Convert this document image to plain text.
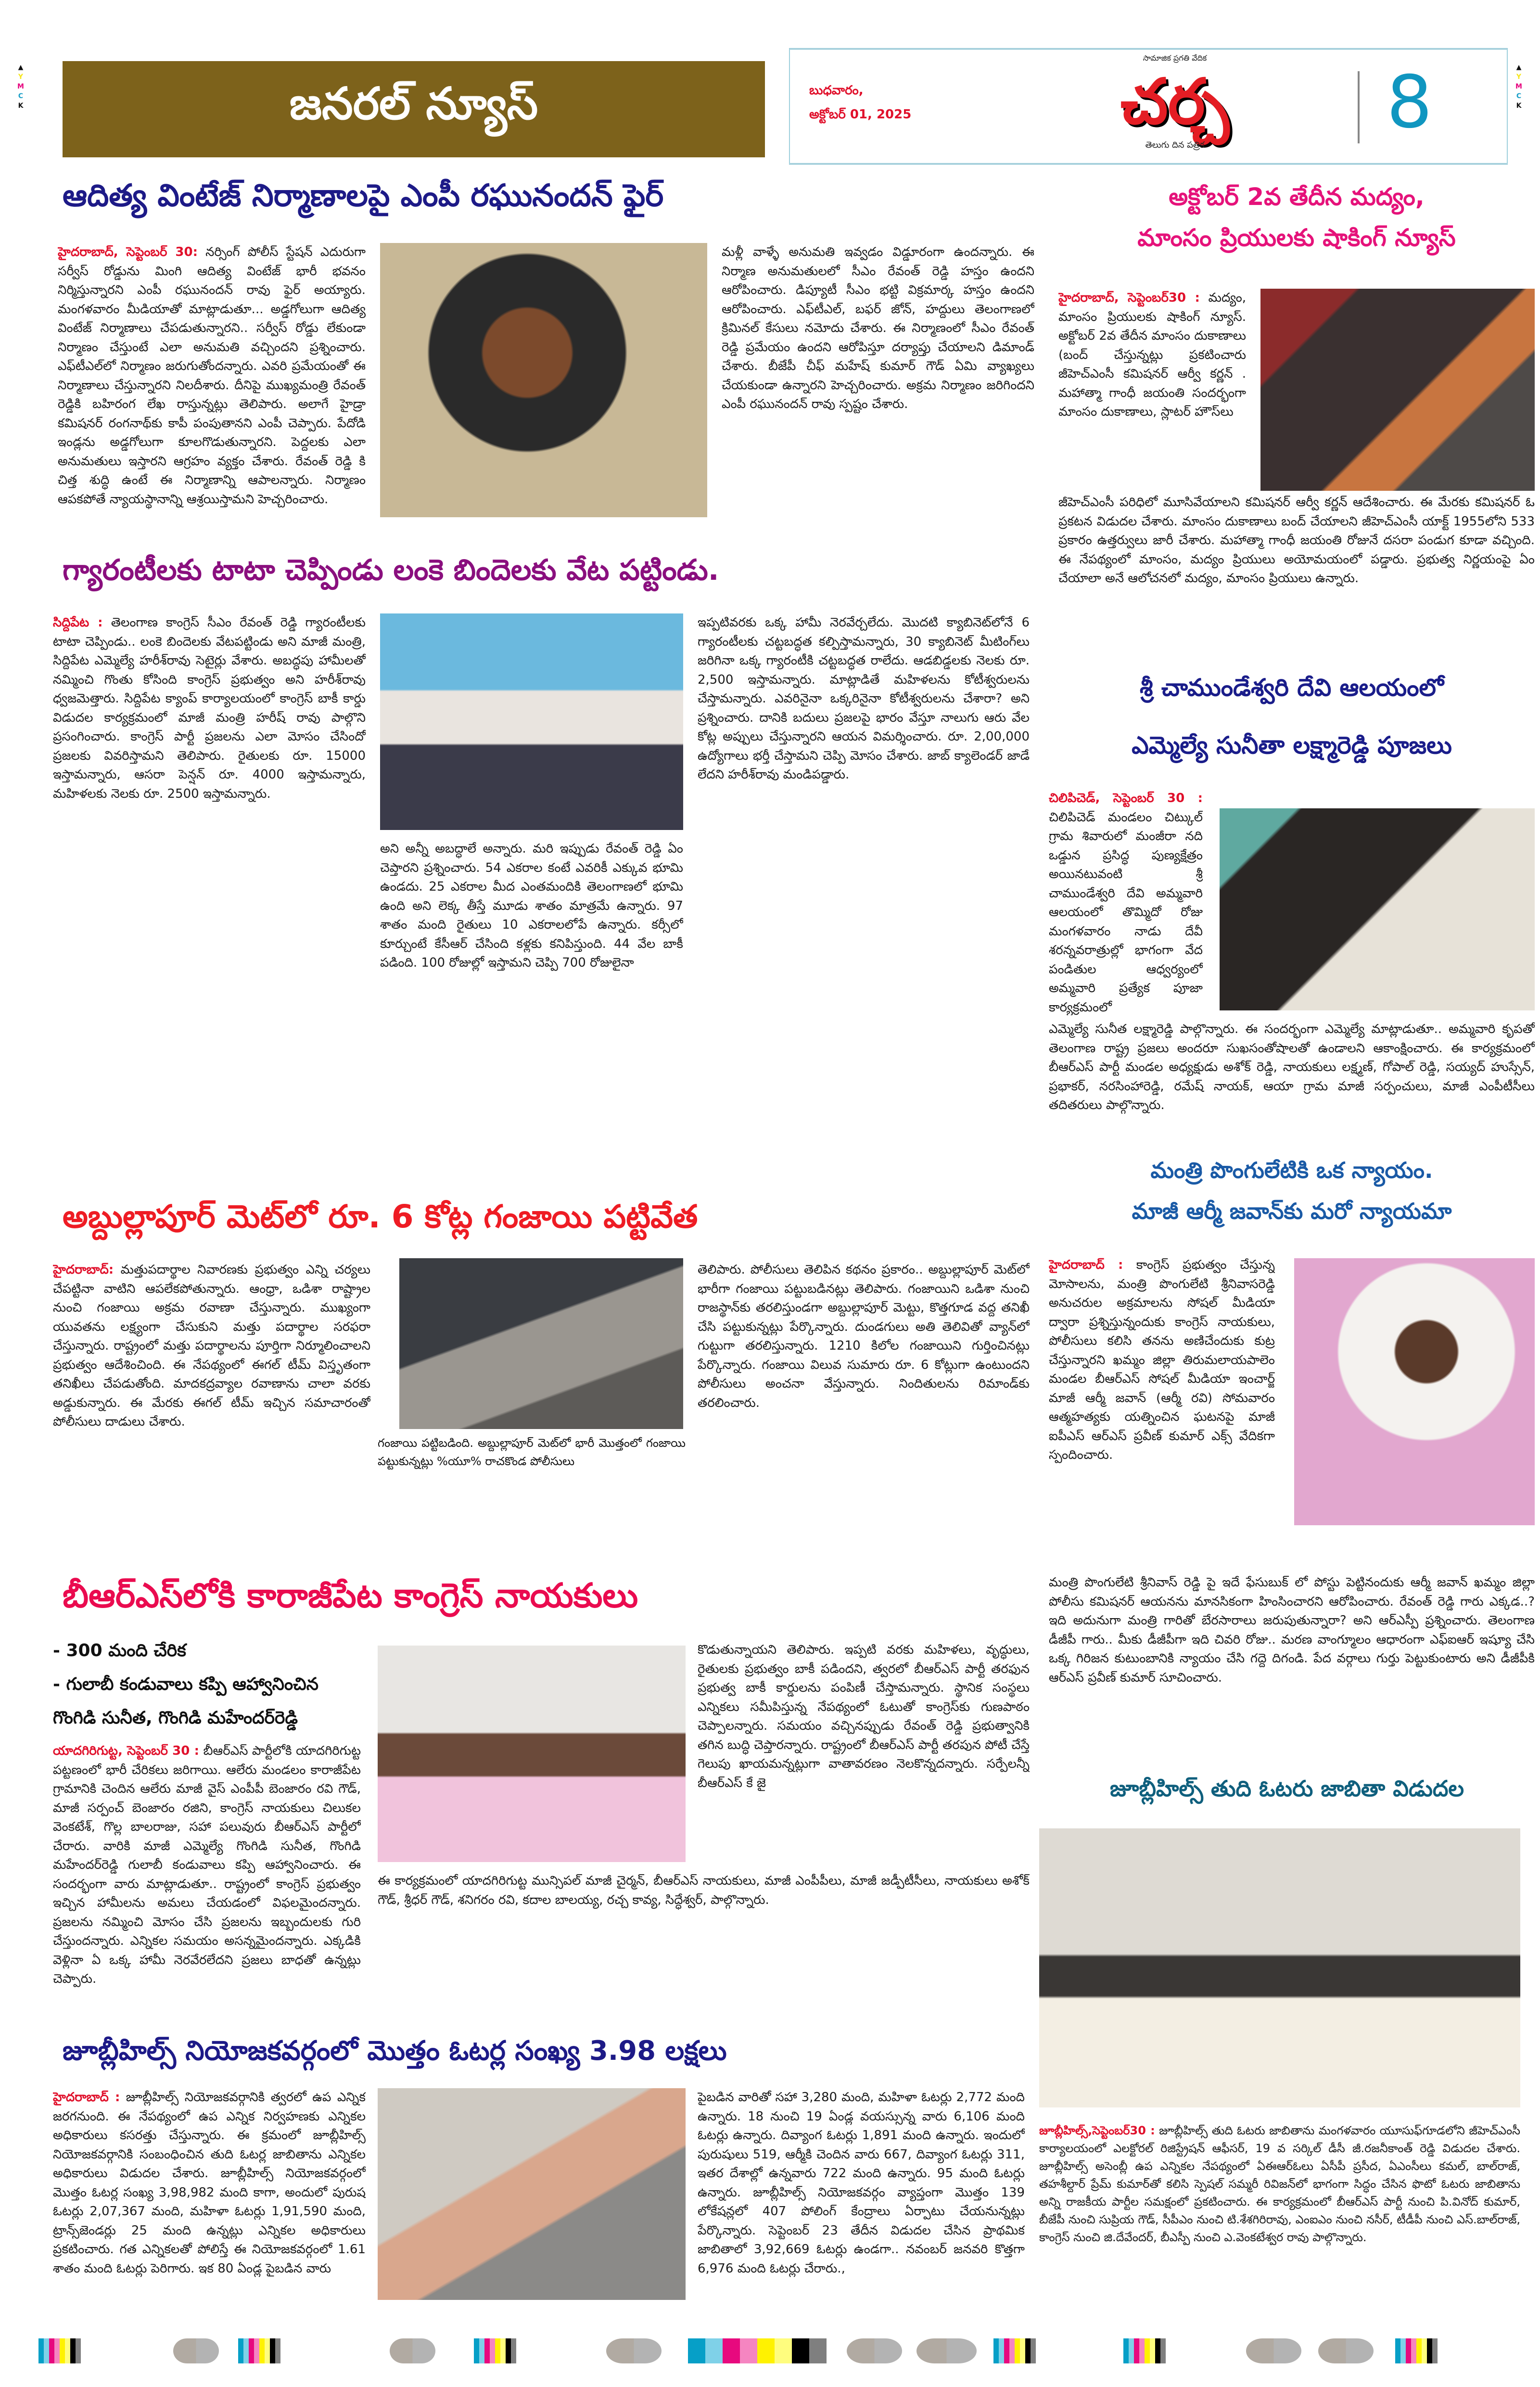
▲
Y
M
C
K
▲
Y
M
C
K
జనరల్ న్యూస్	బుధవారం,
అక్టోబర్ 01, 2025
సామాజిక ప్రగతి వేదిక
చర్చ
తెలుగు దిన పత్రిక
8
ఆదిత్య వింటేజ్ నిర్మాణాలపై ఎంపీ రఘునందన్ ఫైర్
హైదరాబాద్, సెప్టెంబర్ 30: నర్సింగ్ పోలీస్ స్టేషన్ ఎదురుగా సర్వీస్ రోడ్డును మింగి ఆదిత్య వింటేజ్ భారీ భవనం నిర్మిస్తున్నారని ఎంపీ రఘునందన్ రావు ఫైర్ అయ్యారు. మంగళవారం మీడియాతో మాట్లాడుతూ... అడ్డగోలుగా ఆదిత్య వింటేజ్ నిర్మాణాలు చేపడుతున్నారని.. సర్వీస్ రోడ్డు లేకుండా నిర్మాణం చేస్తుంటే ఎలా అనుమతి వచ్చిందని ప్రశ్నించారు. ఎఫ్‌టీఎల్‌లో నిర్మాణం జరుగుతోందన్నారు. ఎవరి ప్రమేయంతో ఈ నిర్మాణాలు చేస్తున్నారని నిలదీశారు. దీనిపై ముఖ్యమంత్రి రేవంత్ రెడ్డికి బహిరంగ లేఖ రాస్తున్నట్లు తెలిపారు. అలాగే హైడ్రా కమిషనర్ రంగనాథ్‌కు కాపీ పంపుతానని ఎంపీ చెప్పారు. పేదోడి ఇండ్లను అడ్డగోలుగా కూలగొడుతున్నారని. పెద్దలకు ఎలా అనుమతులు ఇస్తారని ఆగ్రహం వ్యక్తం చేశారు. రేవంత్ రెడ్డి కి చిత్త శుద్ధి ఉంటే ఈ నిర్మాణాన్ని ఆపాలన్నారు. నిర్మాణం ఆపకపోతే న్యాయస్థానాన్ని ఆశ్రయిస్తామని హెచ్చరించారు.
మళ్లీ వాళ్ళే అనుమతి ఇవ్వడం విడ్డూరంగా ఉందన్నారు. ఈ నిర్మాణ అనుమతులలో సీఎం రేవంత్ రెడ్డి హస్తం ఉందని ఆరోపించారు. డిప్యూటీ సీఎం భట్టి విక్రమార్క హస్తం ఉందని ఆరోపించారు. ఎఫ్‌టీఎల్‌, బఫర్ జోన్, హద్దులు తెలంగాణలో క్రిమినల్ కేసులు నమోదు చేశారు. ఈ నిర్మాణంలో సీఎం రేవంత్ రెడ్డి ప్రమేయం ఉందని ఆరోపిస్తూ దర్యాప్తు చేయాలని డిమాండ్ చేశారు. బీజేపీ చీఫ్ మహేష్ కుమార్ గౌడ్ ఏమి వ్యాఖ్యలు చేయకుండా ఉన్నారని హెచ్చరించారు. అక్రమ నిర్మాణం జరిగిందని ఎంపీ రఘునందన్ రావు స్పష్టం చేశారు.
అక్టోబర్ 2వ తేదీన మద్యం,
మాంసం ప్రియులకు షాకింగ్ న్యూస్
హైదరాబాద్, సెప్టెంబర్30 : మద్యం, మాంసం ప్రియులకు షాకింగ్ న్యూస్. అక్టోబర్ 2వ తేదీన మాంసం దుకాణాలు (బంద్ చేస్తున్నట్లు ప్రకటించారు జీహెచ్‌ఎంసీ కమిషనర్ ఆర్వీ కర్ణన్ . మహాత్మా గాంధీ జయంతి సందర్భంగా మాంసం దుకాణాలు, స్లాటర్ హౌస్‌లు
జీహెచ్‌ఎంసీ పరిధిలో మూసివేయాలని కమిషనర్ ఆర్వీ కర్ణన్ ఆదేశించారు. ఈ మేరకు కమిషనర్ ఓ ప్రకటన విడుదల చేశారు. మాంసం దుకాణాలు బంద్ చేయాలని జీహెచ్‌ఎంసీ యాక్ట్ 1955లోని 533 ప్రకారం ఉత్తర్వులు జారీ చేశారు. మహాత్మా గాంధీ జయంతి రోజునే దసరా పండుగ కూడా వచ్చింది. ఈ నేపథ్యంలో మాంసం, మద్యం ప్రియులు అయోమయంలో పడ్డారు. ప్రభుత్వ నిర్ణయంపై ఏం చేయాలా అనే ఆలోచనలో మద్యం, మాంసం ప్రియులు ఉన్నారు.
గ్యారంటీలకు టాటా చెప్పిండు లంకె బిందెలకు వేట పట్టిండు.
సిద్దిపేట : తెలంగాణ కాంగ్రెస్ సీఎం రేవంత్ రెడ్డి గ్యారంటీలకు టాటా చెప్పిండు.. లంకె బిందెలకు వేటపట్టిండు అని మాజీ మంత్రి, సిద్దిపేట ఎమ్మెల్యే హరీశ్‌రావు సెటైర్లు వేశారు. అబద్ధపు హామీలతో నమ్మించి గొంతు కోసింది కాంగ్రెస్ ప్రభుత్వం అని హరీశ్‌రావు ధ్వజమెత్తారు. సిద్దిపేట క్యాంప్ కార్యాలయంలో కాంగ్రెస్ బాకీ కార్డు విడుదల కార్యక్రమంలో మాజీ మంత్రి హరీష్ రావు పాల్గొని ప్రసంగించారు. కాంగ్రెస్ పార్టీ ప్రజలను ఎలా మోసం చేసిందో ప్రజలకు వివరిస్తామని తెలిపారు. రైతులకు రూ. 15000 ఇస్తామన్నారు, ఆసరా పెన్షన్ రూ. 4000 ఇస్తామన్నారు, మహిళలకు నెలకు రూ. 2500 ఇస్తామన్నారు.
అని అన్నీ అబద్ధాలే అన్నారు. మరి ఇప్పుడు రేవంత్ రెడ్డి ఏం చెప్తారని ప్రశ్నించారు. 54 ఎకరాల కంటే ఎవరికీ ఎక్కువ భూమి ఉండదు. 25 ఎకరాల మీద ఎంతమందికి తెలంగాణలో భూమి ఉంది అని లెక్క తీస్తే మూడు శాతం మాత్రమే ఉన్నారు. 97 శాతం మంది రైతులు 10 ఎకరాలలోపే ఉన్నారు. కర్సీలో కూర్చుంటే కేసీఆర్ చేసింది కళ్లకు కనిపిస్తుంది. 44 వేల బాకీ పడింది. 100 రోజుల్లో ఇస్తామని చెప్పి 700 రోజులైనా
ఇప్పటివరకు ఒక్క హామీ నెరవేర్చలేదు. మొదటి క్యాబినెట్‌లోనే 6 గ్యారంటీలకు చట్టబద్ధత కల్పిస్తామన్నారు, 30 క్యాబినెట్ మీటింగ్‌లు జరిగినా ఒక్క గ్యారంటీకి చట్టబద్ధత రాలేదు. ఆడబిడ్డలకు నెలకు రూ. 2,500 ఇస్తామన్నారు. మాట్లాడితే మహిళలను కోటీశ్వరులను చేస్తామన్నారు. ఎవరినైనా ఒక్కరినైనా కోటీశ్వరులను చేశారా? అని ప్రశ్నించారు. దానికి బదులు ప్రజలపై భారం వేస్తూ నాలుగు ఆరు వేల కోట్ల అప్పులు చేస్తున్నారని ఆయన విమర్శించారు. రూ. 2,00,000 ఉద్యోగాలు భర్తీ చేస్తామని చెప్పి మోసం చేశారు. జాబ్ క్యాలెండర్ జాడే లేదని హరీశ్‌రావు మండిపడ్డారు.
శ్రీ చాముండేశ్వరి దేవి ఆలయంలో
ఎమ్మెల్యే సునీతా లక్ష్మారెడ్డి పూజలు
చిలిపిచెడ్, సెప్టెంబర్ 30 : చిలిపిచెడ్ మండలం చిట్కుల్ గ్రామ శివారులో మంజీరా నది ఒడ్డున ప్రసిద్ధ పుణ్యక్షేత్రం అయినటువంటి శ్రీ చాముండేశ్వరి దేవి అమ్మవారి ఆలయంలో తొమ్మిదో రోజు మంగళవారం నాడు దేవీ శరన్నవరాత్రుల్లో భాగంగా వేద పండితుల ఆధ్వర్యంలో అమ్మవారి ప్రత్యేక పూజా కార్యక్రమంలో
ఎమ్మెల్యే సునీత లక్ష్మారెడ్డి పాల్గొన్నారు. ఈ సందర్భంగా ఎమ్మెల్యే మాట్లాడుతూ.. అమ్మవారి కృపతో తెలంగాణ రాష్ట్ర ప్రజలు అందరూ సుఖసంతోషాలతో ఉండాలని ఆకాంక్షించారు. ఈ కార్యక్రమంలో బీఆర్ఎస్ పార్టీ మండల అధ్యక్షుడు అశోక్ రెడ్డి, నాయకులు లక్ష్మణ్, గోపాల్ రెడ్డి, సయ్యద్ హుస్సేన్, ప్రభాకర్, నరసింహారెడ్డి, రమేష్ నాయక్, ఆయా గ్రామ మాజీ సర్పంచులు, మాజీ ఎంపీటీసీలు తదితరులు పాల్గొన్నారు.
అబ్దుల్లాపూర్ మెట్‌లో రూ. 6 కోట్ల గంజాయి పట్టివేత
హైదరాబాద్: మత్తుపదార్థాల నివారణకు ప్రభుత్వం ఎన్ని చర్యలు చేపట్టినా వాటిని ఆపలేకపోతున్నారు. ఆంధ్రా, ఒడిశా రాష్ట్రాల నుంచి గంజాయి అక్రమ రవాణా చేస్తున్నారు. ముఖ్యంగా యువతను లక్ష్యంగా చేసుకుని మత్తు పదార్థాల సరఫరా చేస్తున్నారు. రాష్ట్రంలో మత్తు పదార్థాలను పూర్తిగా నిర్మూలించాలని ప్రభుత్వం ఆదేశించింది. ఈ నేపథ్యంలో ఈగల్ టీమ్ విస్తృతంగా తనిఖీలు చేపడుతోంది. మాదకద్రవ్యాల రవాణాను చాలా వరకు అడ్డుకున్నారు. ఈ మేరకు ఈగల్ టీమ్ ఇచ్చిన సమాచారంతో పోలీసులు దాడులు చేశారు.
గంజాయి పట్టిబడింది. అబ్దుల్లాపూర్ మెట్‌లో భారీ మొత్తంలో గంజాయి పట్టుకున్నట్లు %యూ% రాచకొండ పోలీసులు
తెలిపారు. పోలీసులు తెలిపిన కథనం ప్రకారం.. అబ్దుల్లాపూర్ మెట్‌లో భారీగా గంజాయి పట్టుబడినట్లు తెలిపారు. గంజాయిని ఒడిశా నుంచి రాజస్థాన్‌కు తరలిస్తుండగా అబ్దుల్లాపూర్ మెట్టు, కొత్తగూడ వద్ద తనిఖీ చేసి పట్టుకున్నట్లు పేర్కొన్నారు. దుండగులు అతి తెలివితో వ్యాన్‌లో గుట్టుగా తరలిస్తున్నారు. 1210 కిలోల గంజాయిని గుర్తించినట్లు పేర్కొన్నారు. గంజాయి విలువ సుమారు రూ. 6 కోట్లుగా ఉంటుందని పోలీసులు అంచనా వేస్తున్నారు. నిందితులను రిమాండ్‌కు తరలించారు.
మంత్రి పొంగులేటికి ఒక న్యాయం.
మాజీ ఆర్మీ జవాన్‌కు మరో న్యాయమా
హైదరాబాద్ : కాంగ్రెస్ ప్రభుత్వం చేస్తున్న మోసాలను, మంత్రి పొంగులేటి శ్రీనివాసరెడ్డి అనుచరుల అక్రమాలను సోషల్ మీడియా ద్వారా ప్రశ్నిస్తున్నందుకు కాంగ్రెస్ నాయకులు, పోలీసులు కలిసి తనను అణిచేందుకు కుట్ర చేస్తున్నారని ఖమ్మం జిల్లా తిరుమలాయపాలెం మండల బీఆర్ఎస్ సోషల్ మీడియా ఇంచార్జ్ మాజీ ఆర్మీ జవాన్ (ఆర్మీ రవి) సోమవారం ఆత్మహత్యకు యత్నించిన ఘటనపై మాజీ ఐపీఎస్ ఆర్ఎస్ ప్రవీణ్ కుమార్ ఎక్స్ వేదికగా స్పందించారు.
మంత్రి పొంగులేటి శ్రీనివాస్ రెడ్డి పై ఇదే ఫేసుబుక్ లో పోస్టు పెట్టినందుకు ఆర్మీ జవాన్ ఖమ్మం జిల్లా పోలీసు కమిషనర్ ఆయనను మానసికంగా హింసించారని ఆరోపించారు. రేవంత్ రెడ్డి గారు ఎక్కడ..? ఇది అదునుగా మంత్రి గారితో బేరసారాలు జరుపుతున్నారా? అని ఆర్ఎస్పీ ప్రశ్నించారు. తెలంగాణ డీజీపీ గారు.. మీకు డీజీపీగా ఇది చివరి రోజు.. మరణ వాంగ్మూలం ఆధారంగా ఎఫ్ఐఆర్ ఇష్యూ చేసి ఒక్క గిరిజన కుటుంబానికి న్యాయం చేసి గద్దె దిగండి. పేద వర్గాలు గుర్తు పెట్టుకుంటారు అని డీజీపీకి ఆర్ఎస్ ప్రవీణ్ కుమార్ సూచించారు.
బీఆర్ఎస్‌లోకి కారాజీపేట కాంగ్రెస్ నాయకులు
- 300 మంది చేరిక
- గులాబీ కండువాలు కప్పి ఆహ్వానించిన
గొంగిడి సునీత, గొంగిడి మహేందర్‌రెడ్డి
యాదగిరిగుట్ట, సెప్టెంబర్ 30 : బీఆర్ఎస్ పార్టీలోకి యాదగిరిగుట్ట పట్టణంలో భారీ చేరికలు జరిగాయి. ఆలేరు మండలం కారాజీపేట గ్రామానికి చెందిన ఆలేరు మాజీ వైస్ ఎంపీపీ బెంజారం రవి గౌడ్, మాజీ సర్పంచ్ బెంజారం రజిని, కాంగ్రెస్ నాయకులు చిలుకల వెంకటేశ్, గొల్ల బాలరాజు, సహా పలువురు బీఆర్ఎస్ పార్టీలో చేరారు. వారికి మాజీ ఎమ్మెల్యే గొంగిడి సునీత, గొంగిడి మహేందర్‌రెడ్డి గులాబీ కండువాలు కప్పి ఆహ్వానించారు. ఈ సందర్భంగా వారు మాట్లాడుతూ.. రాష్ట్రంలో కాంగ్రెస్ ప్రభుత్వం ఇచ్చిన హామీలను అమలు చేయడంలో విఫలమైందన్నారు. ప్రజలను నమ్మించి మోసం చేసి ప్రజలను ఇబ్బందులకు గురి చేస్తుందన్నారు. ఎన్నికల సమయం అసన్నమైందన్నారు. ఎక్కడికి వెళ్లినా ఏ ఒక్క హామీ నెరవేరలేదని ప్రజలు బాధతో ఉన్నట్లు చెప్పారు.
కొడుతున్నాయని తెలిపారు. ఇప్పటి వరకు మహిళలు, వృద్ధులు, రైతులకు ప్రభుత్వం బాకీ పడిందని, త్వరలో బీఆర్ఎస్ పార్టీ తరఫున ప్రభుత్వ బాకీ కార్డులను పంపిణీ చేస్తామన్నారు. స్థానిక సంస్థలు ఎన్నికలు సమీపిస్తున్న నేపథ్యంలో ఓటుతో కాంగ్రెస్‌కు గుణపాఠం చెప్పాలన్నారు. సమయం వచ్చినప్పుడు రేవంత్ రెడ్డి ప్రభుత్వానికి తగిన బుద్ధి చెప్తారన్నారు. రాష్ట్రంలో బీఆర్ఎస్ పార్టీ తరపున పోటీ చేస్తే గెలుపు ఖాయమన్నట్లుగా వాతావరణం నెలకొన్నదన్నారు. సర్పేలన్నీ బీఆర్ఎస్ కే జై
ఈ కార్యక్రమంలో యాదగిరిగుట్ట మున్సిపల్ మాజీ చైర్మన్, బీఆర్ఎస్ నాయకులు, మాజీ ఎంపీపీలు, మాజీ జడ్పీటీసీలు, నాయకులు అశోక్ గౌడ్, శ్రీధర్ గౌడ్, శనిగరం రవి, కదాల బాలయ్య, రచ్చ కావ్య, సిద్ధేశ్వర్, పాల్గొన్నారు.
జూబ్లీహిల్స్ తుది ఓటరు జాబితా విడుదల
జూబ్లీహిల్స్,సెప్టెంబర్30 : జూబ్లీహిల్స్ తుది ఓటరు జాబితాను మంగళవారం యూసుఫ్‌గూడలోని జీహెచ్‌ఎంసీ కార్యాలయంలో ఎలక్టోరల్ రిజిస్ట్రేషన్ ఆఫీసర్, 19 వ సర్కిల్ డీసీ జీ.రజనీకాంత్ రెడ్డి విడుదల చేశారు. జూబ్లీహిల్స్ అసెంబ్లీ ఉప ఎన్నికల నేపథ్యంలో ఏఈఆర్‌ఓలు ఏసీపీ ప్రసీద, ఏఎంసీలు కమల్, బాల్‌రాజ్, తహశీల్దార్ ప్రేమ్ కుమార్‌తో కలిసి స్పెషల్ సమ్మరీ రివిజన్‌లో భాగంగా సిద్ధం చేసిన ఫొటో ఓటరు జాబితాను అన్ని రాజకీయ పార్టీల సమక్షంలో ప్రకటించారు. ఈ కార్యక్రమంలో బీఆర్ఎస్ పార్టీ నుంచి పి.వినోద్ కుమార్, బీజేపీ నుంచి సుప్రియ గౌడ్, సీపీఎం నుంచి టి.శేశగిరిరావు, ఎంఐఎం నుంచి నసీర్, టీడీపీ నుంచి ఎస్.బాల్‌రాజ్, కాంగ్రెస్ నుంచి జి.దేవేందర్, బీఎస్పీ నుంచి ఎ.వెంకటేశ్వర రావు పాల్గొన్నారు.
జూబ్లీహిల్స్ నియోజకవర్గంలో మొత్తం ఓటర్ల సంఖ్య 3.98 లక్షలు
హైదరాబాద్ : జూబ్లీహిల్స్ నియోజకవర్గానికి త్వరలో ఉప ఎన్నిక జరగనుంది. ఈ నేపథ్యంలో ఉప ఎన్నిక నిర్వహణకు ఎన్నికల అధికారులు కసరత్తు చేస్తున్నారు. ఈ క్రమంలో జూబ్లీహిల్స్ నియోజకవర్గానికి సంబంధించిన తుది ఓటర్ల జాబితాను ఎన్నికల అధికారులు విడుదల చేశారు. జూబ్లీహిల్స్ నియోజకవర్గంలో మొత్తం ఓటర్ల సంఖ్య 3,98,982 మంది కాగా, అందులో పురుష ఓటర్లు 2,07,367 మంది, మహిళా ఓటర్లు 1,91,590 మంది, ట్రాన్స్‌జెండర్లు 25 మంది ఉన్నట్లు ఎన్నికల అధికారులు ప్రకటించారు. గత ఎన్నికలతో పోలిస్తే ఈ నియోజకవర్గంలో 1.61 శాతం మంది ఓటర్లు పెరిగారు. ఇక 80 ఏండ్ల పైబడిన వారు
పైబడిన వారితో సహా 3,280 మంది, మహిళా ఓటర్లు 2,772 మంది ఉన్నారు. 18 నుంచి 19 ఏండ్ల వయస్సున్న వారు 6,106 మంది ఓటర్లు ఉన్నారు. దివ్యాంగ ఓటర్లు 1,891 మంది ఉన్నారు. ఇందులో పురుషులు 519, ఆర్మీకి చెందిన వారు 667, దివ్యాంగ ఓటర్లు 311, ఇతర దేశాల్లో ఉన్నవారు 722 మంది ఉన్నారు. 95 మంది ఓటర్లు ఉన్నారు. జూబ్లీహిల్స్ నియోజకవర్గం వ్యాప్తంగా మొత్తం 139 లోకేషన్లలో 407 పోలింగ్ కేంద్రాలు ఏర్పాటు చేయనున్నట్లు పేర్కొన్నారు. సెప్టెంబర్ 23 తేదీన విడుదల చేసిన ప్రాథమిక జాబితాలో 3,92,669 ఓటర్లు ఉండగా.. నవంబర్ జనవరి కొత్తగా 6,976 మంది ఓటర్లు చేరారు.,
